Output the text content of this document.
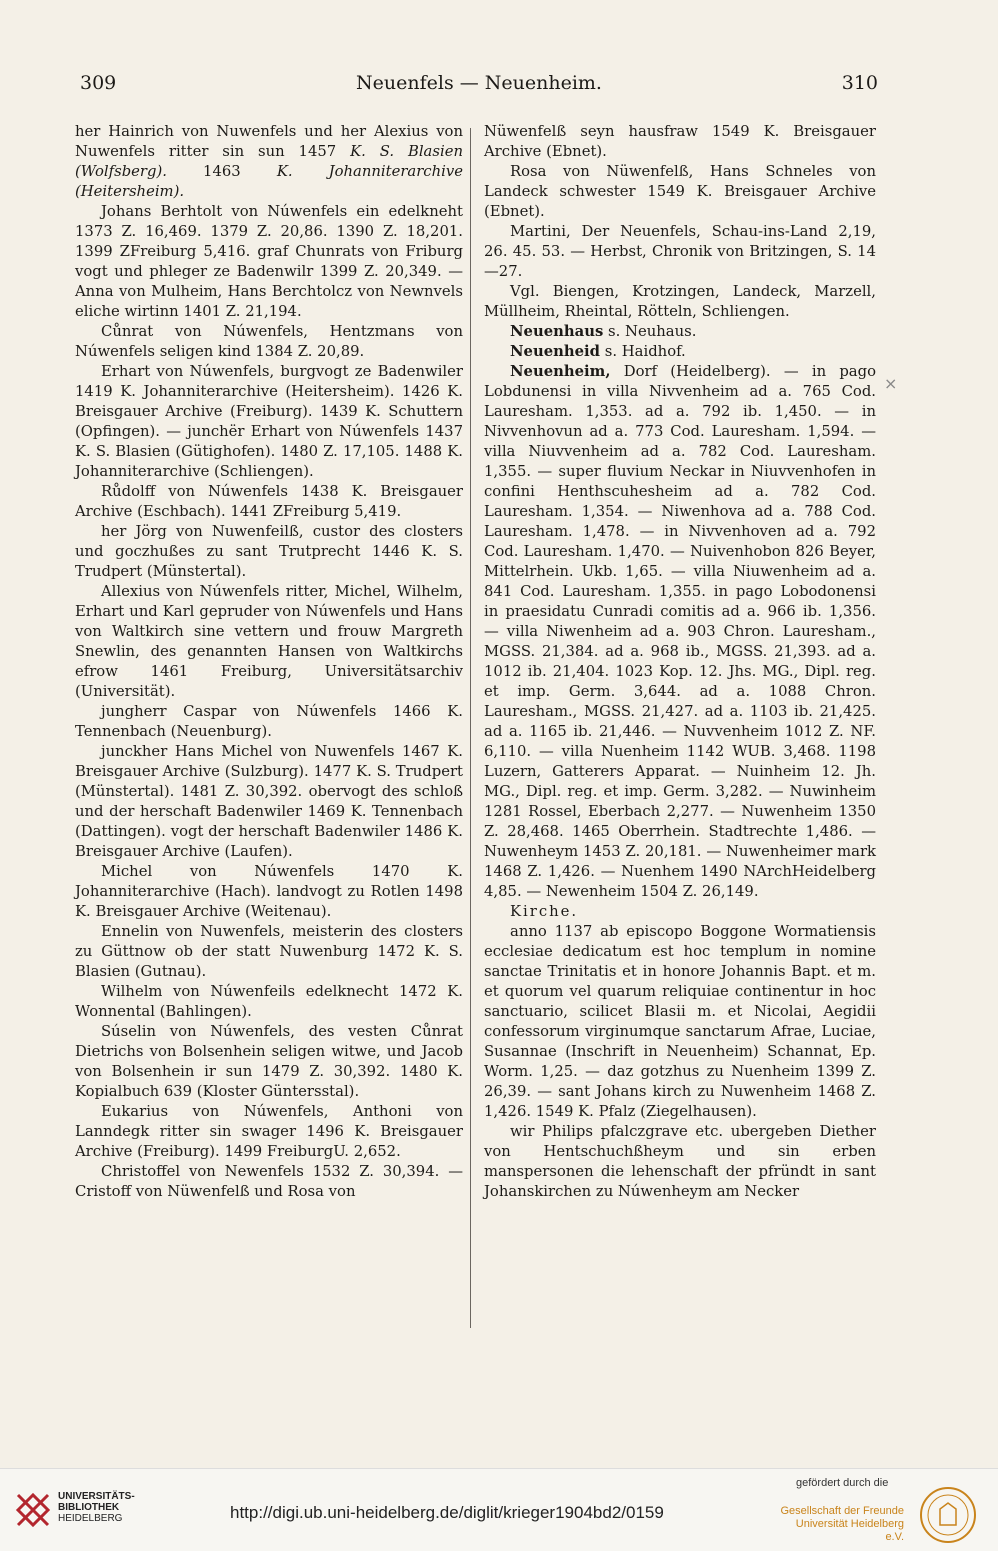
309	Neuenfels — Neuenheim.	310

her Hainrich von Nuwenfels und her Alexius von Nuwenfels ritter sin sun 1457 K. S. Blasien (Wolfsberg). 1463 K. Johanniterarchive (Heitersheim).

Johans Berhtolt von Núwenfels ein edelkneht 1373 Z. 16,469. 1379 Z. 20,86. 1390 Z. 18,201. 1399 ZFreiburg 5,416. graf Chunrats von Friburg vogt und phleger ze Badenwilr 1399 Z. 20,349. — Anna von Mulheim, Hans Berchtolcz von Newnvels eliche wirtinn 1401 Z. 21,194.

Cůnrat von Núwenfels, Hentzmans von Núwenfels seligen kind 1384 Z. 20,89.

Erhart von Núwenfels, burgvogt ze Badenwiler 1419 K. Johanniterarchive (Heitersheim). 1426 K. Breisgauer Archive (Freiburg). 1439 K. Schuttern (Opfingen). — junchër Erhart von Núwenfels 1437 K. S. Blasien (Gütighofen). 1480 Z. 17,105. 1488 K. Johanniterarchive (Schliengen).

Růdolff von Núwenfels 1438 K. Breisgauer Archive (Eschbach). 1441 ZFreiburg 5,419.

her Jörg von Nuwenfeilß, custor des closters und goczhußes zu sant Trutprecht 1446 K. S. Trudpert (Münstertal).

Allexius von Núwenfels ritter, Michel, Wilhelm, Erhart und Karl gepruder von Núwenfels und Hans von Waltkirch sine vettern und frouw Margreth Snewlin, des genannten Hansen von Waltkirchs efrow 1461 Freiburg, Universitätsarchiv (Universität).

jungherr Caspar von Núwenfels 1466 K. Tennenbach (Neuenburg).

junckher Hans Michel von Nuwenfels 1467 K. Breisgauer Archive (Sulzburg). 1477 K. S. Trudpert (Münstertal). 1481 Z. 30,392. obervogt des schloß und der herschaft Badenwiler 1469 K. Tennenbach (Dattingen). vogt der herschaft Badenwiler 1486 K. Breisgauer Archive (Laufen).

Michel von Núwenfels 1470 K. Johanniterarchive (Hach). landvogt zu Rotlen 1498 K. Breisgauer Archive (Weitenau).

Ennelin von Nuwenfels, meisterin des closters zu Güttnow ob der statt Nuwenburg 1472 K. S. Blasien (Gutnau).

Wilhelm von Núwenfeils edelknecht 1472 K. Wonnental (Bahlingen).

Súselin von Núwenfels, des vesten Cůnrat Dietrichs von Bolsenhein seligen witwe, und Jacob von Bolsenhein ir sun 1479 Z. 30,392. 1480 K. Kopialbuch 639 (Kloster Güntersstal).

Eukarius von Núwenfels, Anthoni von Lanndegk ritter sin swager 1496 K. Breisgauer Archive (Freiburg). 1499 FreiburgU. 2,652.

Christoffel von Newenfels 1532 Z. 30,394. — Cristoff von Nüwenfelß und Rosa von

Nüwenfelß seyn hausfraw 1549 K. Breisgauer Archive (Ebnet).

Rosa von Nüwenfelß, Hans Schneles von Landeck schwester 1549 K. Breisgauer Archive (Ebnet).

Martini, Der Neuenfels, Schau-ins-Land 2,19, 26. 45. 53. — Herbst, Chronik von Britzingen, S. 14—27.

Vgl. Biengen, Krotzingen, Landeck, Marzell, Müllheim, Rheintal, Rötteln, Schliengen.

Neuenhaus s. Neuhaus.

Neuenheid s. Haidhof.

Neuenheim, Dorf (Heidelberg). — in pago Lobdunensi in villa Nivvenheim ad a. 765 Cod. Lauresham. 1,353. ad a. 792 ib. 1,450. — in Nivvenhovun ad a. 773 Cod. Lauresham. 1,594. — villa Niuvvenheim ad a. 782 Cod. Lauresham. 1,355. — super fluvium Neckar in Niuvvenhofen in confini Henthscuhesheim ad a. 782 Cod. Lauresham. 1,354. — Niwenhova ad a. 788 Cod. Lauresham. 1,478. — in Nivvenhoven ad a. 792 Cod. Lauresham. 1,470. — Nuivenhobon 826 Beyer, Mittelrhein. Ukb. 1,65. — villa Niuwenheim ad a. 841 Cod. Lauresham. 1,355. in pago Lobodonensi in praesidatu Cunradi comitis ad a. 966 ib. 1,356. — villa Niwenheim ad a. 903 Chron. Lauresham., MGSS. 21,384. ad a. 968 ib., MGSS. 21,393. ad a. 1012 ib. 21,404. 1023 Kop. 12. Jhs. MG., Dipl. reg. et imp. Germ. 3,644. ad a. 1088 Chron. Lauresham., MGSS. 21,427. ad a. 1103 ib. 21,425. ad a. 1165 ib. 21,446. — Nuvvenheim 1012 Z. NF. 6,110. — villa Nuenheim 1142 WUB. 3,468. 1198 Luzern, Gatterers Apparat. — Nuinheim 12. Jh. MG., Dipl. reg. et imp. Germ. 3,282. — Nuwinheim 1281 Rossel, Eberbach 2,277. — Nuwenheim 1350 Z. 28,468. 1465 Oberrhein. Stadtrechte 1,486. — Nuwenheym 1453 Z. 20,181. — Nuwenheimer mark 1468 Z. 1,426. — Nuenhem 1490 NArchHeidelberg 4,85. — Newenheim 1504 Z. 26,149.

Kirche.

anno 1137 ab episcopo Boggone Wormatiensis ecclesiae dedicatum est hoc templum in nomine sanctae Trinitatis et in honore Johannis Bapt. et m. et quorum vel quarum reliquiae continentur in hoc sanctuario, scilicet Blasii m. et Nicolai, Aegidii confessorum virginumque sanctarum Afrae, Luciae, Susannae (Inschrift in Neuenheim) Schannat, Ep. Worm. 1,25. — daz gotzhus zu Nuenheim 1399 Z. 26,39. — sant Johans kirch zu Nuwenheim 1468 Z. 1,426. 1549 K. Pfalz (Ziegelhausen).

wir Philips pfalczgrave etc. ubergeben Diether von Hentschuchßheym und sin erben manspersonen die lehenschaft der pfründt in sant Johanskirchen zu Núwenheym am Necker

×
UNIVERSITÄTS-
BIBLIOTHEK
HEIDELBERG	http://digi.ub.uni-heidelberg.de/diglit/krieger1904bd2/0159
gefördert durch die
Gesellschaft der Freunde
Universität Heidelberg e.V.
